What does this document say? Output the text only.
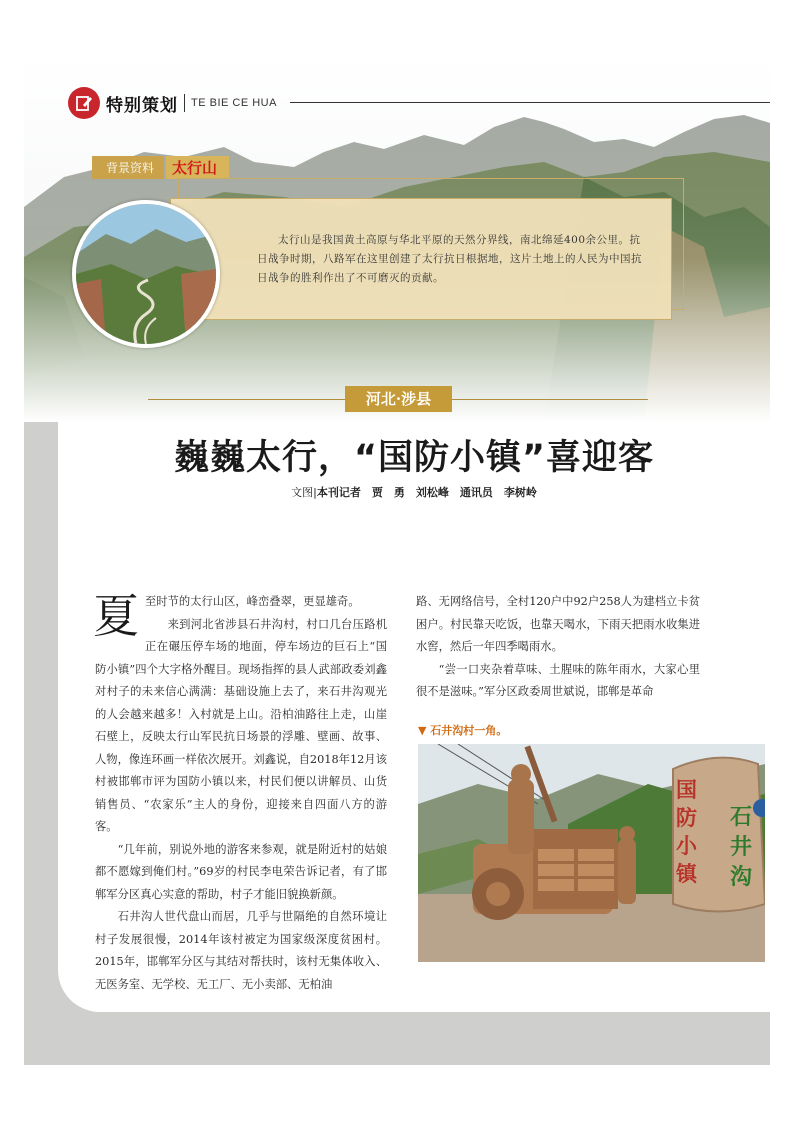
特别策划 TE BIE CE HUA
背景资料	太行山

太行山是我国黄土高原与华北平原的天然分界线，南北绵延400余公里。抗日战争时期，八路军在这里创建了太行抗日根据地，这片土地上的人民为中国抗日战争的胜利作出了不可磨灭的贡献。

河北·涉县
巍巍太行，“国防小镇”喜迎客
文图|本刊记者　贾　勇　刘松峰　通讯员　李树岭

夏至时节的太行山区，峰峦叠翠，更显雄奇。
来到河北省涉县石井沟村，村口几台压路机正在碾压停车场的地面，停车场边的巨石上“国防小镇”四个大字格外醒目。现场指挥的县人武部政委刘鑫对村子的未来信心满满：基础设施上去了，来石井沟观光的人会越来越多！入村就是上山。沿柏油路往上走，山崖石壁上，反映太行山军民抗日场景的浮雕、壁画、故事、人物，像连环画一样依次展开。刘鑫说，自2018年12月该村被邯郸市评为国防小镇以来，村民们便以讲解员、山货销售员、“农家乐”主人的身份，迎接来自四面八方的游客。

“几年前，别说外地的游客来参观，就是附近村的姑娘都不愿嫁到俺们村。”69岁的村民李电荣告诉记者，有了邯郸军分区真心实意的帮助，村子才能旧貌换新颜。

石井沟人世代盘山而居，几乎与世隔绝的自然环境让村子发展很慢，2014年该村被定为国家级深度贫困村。2015年，邯郸军分区与其结对帮扶时，该村无集体收入、无医务室、无学校、无工厂、无小卖部、无柏油

路、无网络信号，全村120户中92户258人为建档立卡贫困户。村民靠天吃饭，也靠天喝水，下雨天把雨水收集进水窖，然后一年四季喝雨水。

“尝一口夹杂着草味、土腥味的陈年雨水，大家心里很不是滋味。”军分区政委周世斌说，邯郸是革命

▼ 石井沟村一角。
国防小镇
石井沟
